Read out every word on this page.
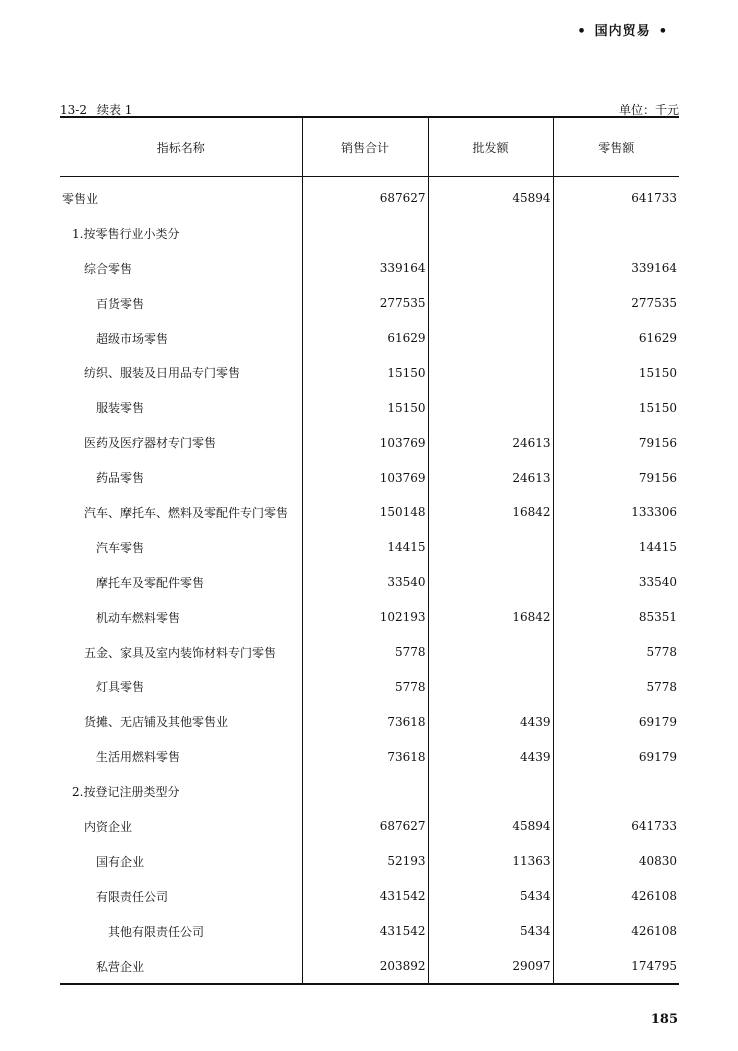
• 国内贸易 •
13-2 续表 1	单位：千元
指标名称	销售合计	批发额	零售额
零售业	687627	45894	641733
1.按零售行业小类分			
综合零售	339164		339164
百货零售	277535		277535
超级市场零售	61629		61629
纺织、服装及日用品专门零售	15150		15150
服装零售	15150		15150
医药及医疗器材专门零售	103769	24613	79156
药品零售	103769	24613	79156
汽车、摩托车、燃料及零配件专门零售	150148	16842	133306
汽车零售	14415		14415
摩托车及零配件零售	33540		33540
机动车燃料零售	102193	16842	85351
五金、家具及室内装饰材料专门零售	5778		5778
灯具零售	5778		5778
货摊、无店铺及其他零售业	73618	4439	69179
生活用燃料零售	73618	4439	69179
2.按登记注册类型分			
内资企业	687627	45894	641733
国有企业	52193	11363	40830
有限责任公司	431542	5434	426108
其他有限责任公司	431542	5434	426108
私营企业	203892	29097	174795
185
